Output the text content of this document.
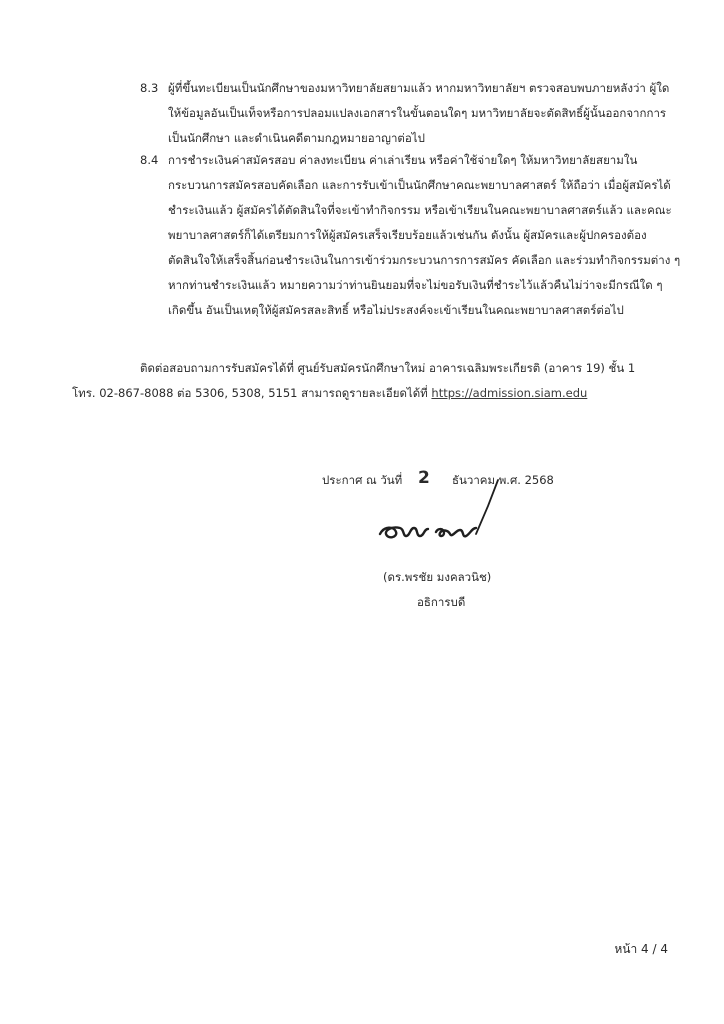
8.3 ผู้ที่ขึ้นทะเบียนเป็นนักศึกษาของมหาวิทยาลัยสยามแล้ว หากมหาวิทยาลัยฯ ตรวจสอบพบภายหลังว่า ผู้ใด
ให้ข้อมูลอันเป็นเท็จหรือการปลอมแปลงเอกสารในขั้นตอนใดๆ มหาวิทยาลัยจะตัดสิทธิ์ผู้นั้นออกจากการ
เป็นนักศึกษา และดำเนินคดีตามกฎหมายอาญาต่อไป
8.4 การชำระเงินค่าสมัครสอบ ค่าลงทะเบียน ค่าเล่าเรียน หรือค่าใช้จ่ายใดๆ ให้มหาวิทยาลัยสยามใน
กระบวนการสมัครสอบคัดเลือก และการรับเข้าเป็นนักศึกษาคณะพยาบาลศาสตร์ ให้ถือว่า เมื่อผู้สมัครได้
ชำระเงินแล้ว ผู้สมัครได้ตัดสินใจที่จะเข้าทำกิจกรรม หรือเข้าเรียนในคณะพยาบาลศาสตร์แล้ว และคณะ
พยาบาลศาสตร์ก็ได้เตรียมการให้ผู้สมัครเสร็จเรียบร้อยแล้วเช่นกัน ดังนั้น ผู้สมัครและผู้ปกครองต้อง
ตัดสินใจให้เสร็จสิ้นก่อนชำระเงินในการเข้าร่วมกระบวนการการสมัคร คัดเลือก และร่วมทำกิจกรรมต่าง ๆ
หากท่านชำระเงินแล้ว หมายความว่าท่านยินยอมที่จะไม่ขอรับเงินที่ชำระไว้แล้วคืนไม่ว่าจะมีกรณีใด ๆ
เกิดขึ้น อันเป็นเหตุให้ผู้สมัครสละสิทธิ์ หรือไม่ประสงค์จะเข้าเรียนในคณะพยาบาลศาสตร์ต่อไป
ติดต่อสอบถามการรับสมัครได้ที่ ศูนย์รับสมัครนักศึกษาใหม่ อาคารเฉลิมพระเกียรติ (อาคาร 19) ชั้น 1
โทร. 02-867-8088 ต่อ 5306, 5308, 5151 สามารถดูรายละเอียดได้ที่ https://admission.siam.edu
ประกาศ ณ วันที่ 2 ธันวาคม พ.ศ. 2568
(ดร.พรชัย มงคลวนิช)
อธิการบดี
หน้า 4 / 4
